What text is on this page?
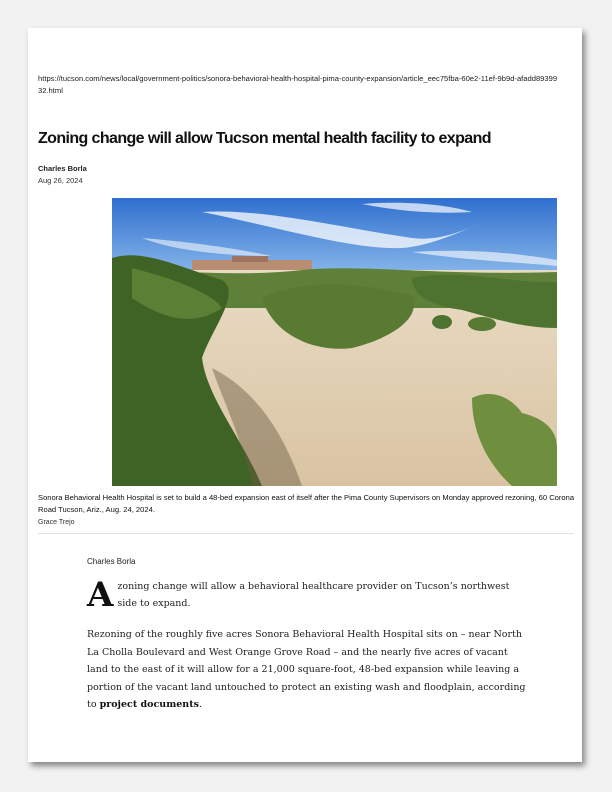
https://tucson.com/news/local/government-politics/sonora-behavioral-health-hospital-pima-county-expansion/article_eec75fba-60e2-11ef-9b9d-afadd8939932.html
Zoning change will allow Tucson mental health facility to expand
Charles Borla
Aug 26, 2024
Sonora Behavioral Health Hospital is set to build a 48-bed expansion east of itself after the Pima County Supervisors on Monday approved rezoning, 60 Corona Road Tucson, Ariz., Aug. 24, 2024.
Grace Trejo
Charles Borla
A zoning change will allow a behavioral healthcare provider on Tucson’s northwest side to expand.

Rezoning of the roughly five acres Sonora Behavioral Health Hospital sits on – near North La Cholla Boulevard and West Orange Grove Road – and the nearly five acres of vacant land to the east of it will allow for a 21,000 square-foot, 48-bed expansion while leaving a portion of the vacant land untouched to protect an existing wash and floodplain, according to project documents.
